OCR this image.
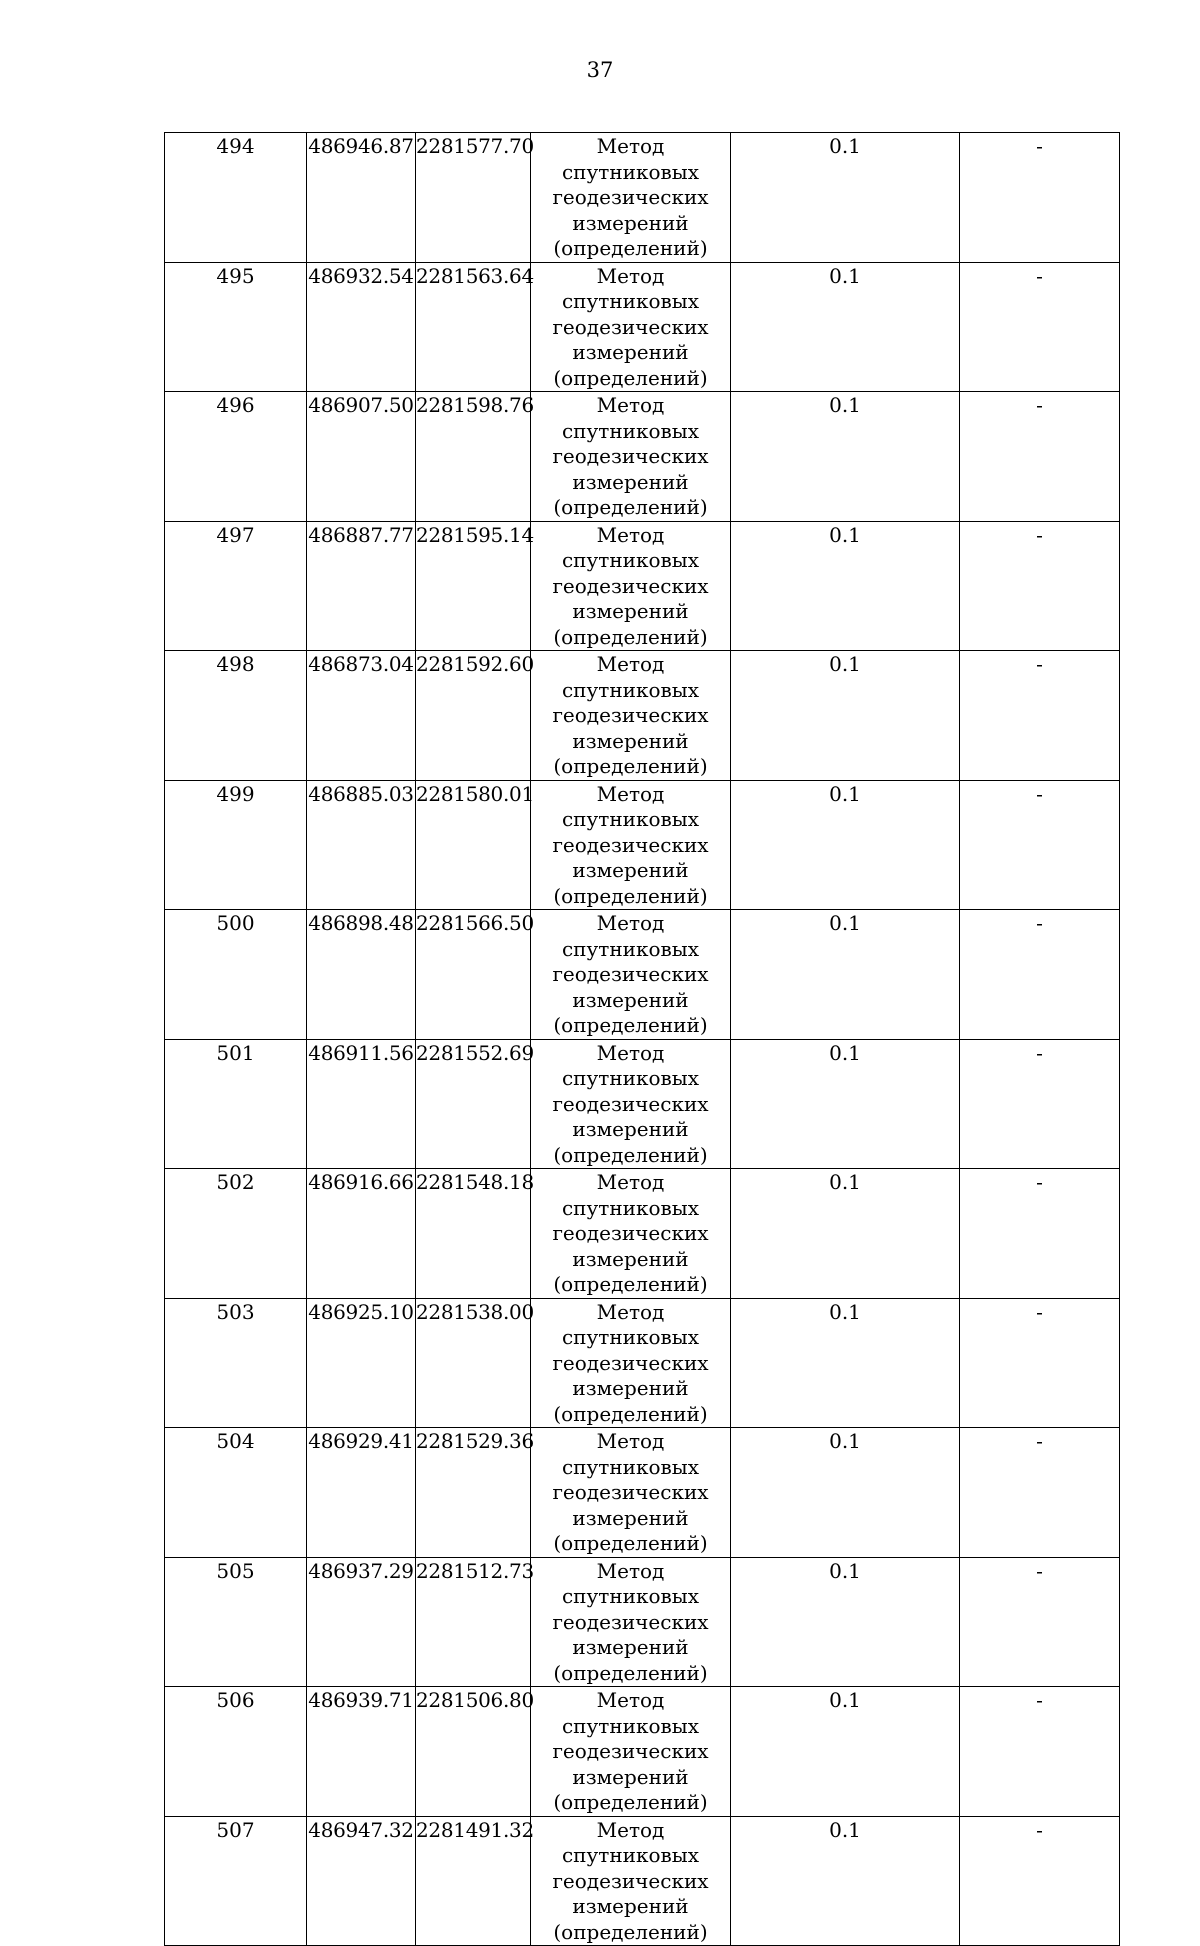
37
494	486946.87	2281577.70	Метод спутниковых
геодезических
измерений
(определений)	0.1	-
495	486932.54	2281563.64	Метод спутниковых
геодезических
измерений
(определений)	0.1	-
496	486907.50	2281598.76	Метод спутниковых
геодезических
измерений
(определений)	0.1	-
497	486887.77	2281595.14	Метод спутниковых
геодезических
измерений
(определений)	0.1	-
498	486873.04	2281592.60	Метод спутниковых
геодезических
измерений
(определений)	0.1	-
499	486885.03	2281580.01	Метод спутниковых
геодезических
измерений
(определений)	0.1	-
500	486898.48	2281566.50	Метод спутниковых
геодезических
измерений
(определений)	0.1	-
501	486911.56	2281552.69	Метод спутниковых
геодезических
измерений
(определений)	0.1	-
502	486916.66	2281548.18	Метод спутниковых
геодезических
измерений
(определений)	0.1	-
503	486925.10	2281538.00	Метод спутниковых
геодезических
измерений
(определений)	0.1	-
504	486929.41	2281529.36	Метод спутниковых
геодезических
измерений
(определений)	0.1	-
505	486937.29	2281512.73	Метод спутниковых
геодезических
измерений
(определений)	0.1	-
506	486939.71	2281506.80	Метод спутниковых
геодезических
измерений
(определений)	0.1	-
507	486947.32	2281491.32	Метод спутниковых
геодезических
измерений
(определений)	0.1	-
